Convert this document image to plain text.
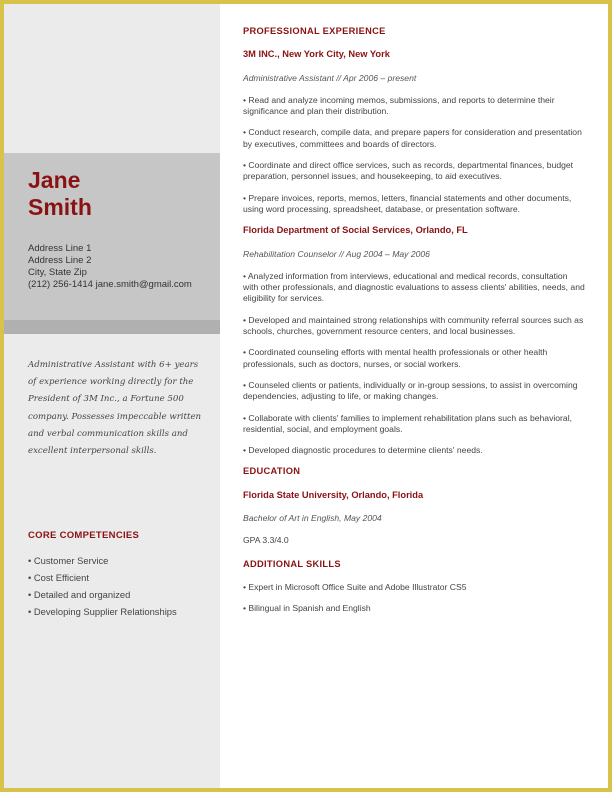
Jane
Smith
Address Line 1
Address Line 2
City, State Zip
(212) 256-1414 jane.smith@gmail.com
Administrative Assistant with 6+ years of experience working directly for the President of 3M Inc., a Fortune 500 company. Possesses impeccable written and verbal communication skills and excellent interpersonal skills.
CORE COMPETENCIES
• Customer Service
• Cost Efficient
• Detailed and organized
• Developing Supplier Relationships
PROFESSIONAL EXPERIENCE
3M INC., New York City, New York
Administrative Assistant // Apr 2006 – present
• Read and analyze incoming memos, submissions, and reports to determine their significance and plan their distribution.
• Conduct research, compile data, and prepare papers for consideration and presentation by executives, committees and boards of directors.
• Coordinate and direct office services, such as records, departmental finances, budget preparation, personnel issues, and housekeeping, to aid executives.
• Prepare invoices, reports, memos, letters, financial statements and other documents, using word processing, spreadsheet, database, or presentation software.
Florida Department of Social Services, Orlando, FL
Rehabilitation Counselor // Aug 2004 – May 2006
• Analyzed information from interviews, educational and medical records, consultation with other professionals, and diagnostic evaluations to assess clients' abilities, needs, and eligibility for services.
• Developed and maintained strong relationships with community referral sources such as schools, churches, government resource centers, and local businesses.
• Coordinated counseling efforts with mental health professionals or other health professionals, such as doctors, nurses, or social workers.
• Counseled clients or patients, individually or in-group sessions, to assist in overcoming dependencies, adjusting to life, or making changes.
• Collaborate with clients' families to implement rehabilitation plans such as behavioral, residential, social, and employment goals.
• Developed diagnostic procedures to determine clients' needs.
EDUCATION
Florida State University, Orlando, Florida
Bachelor of Art in English, May 2004
GPA 3.3/4.0
ADDITIONAL SKILLS
• Expert in Microsoft Office Suite and Adobe Illustrator CS5
• Bilingual in Spanish and English
